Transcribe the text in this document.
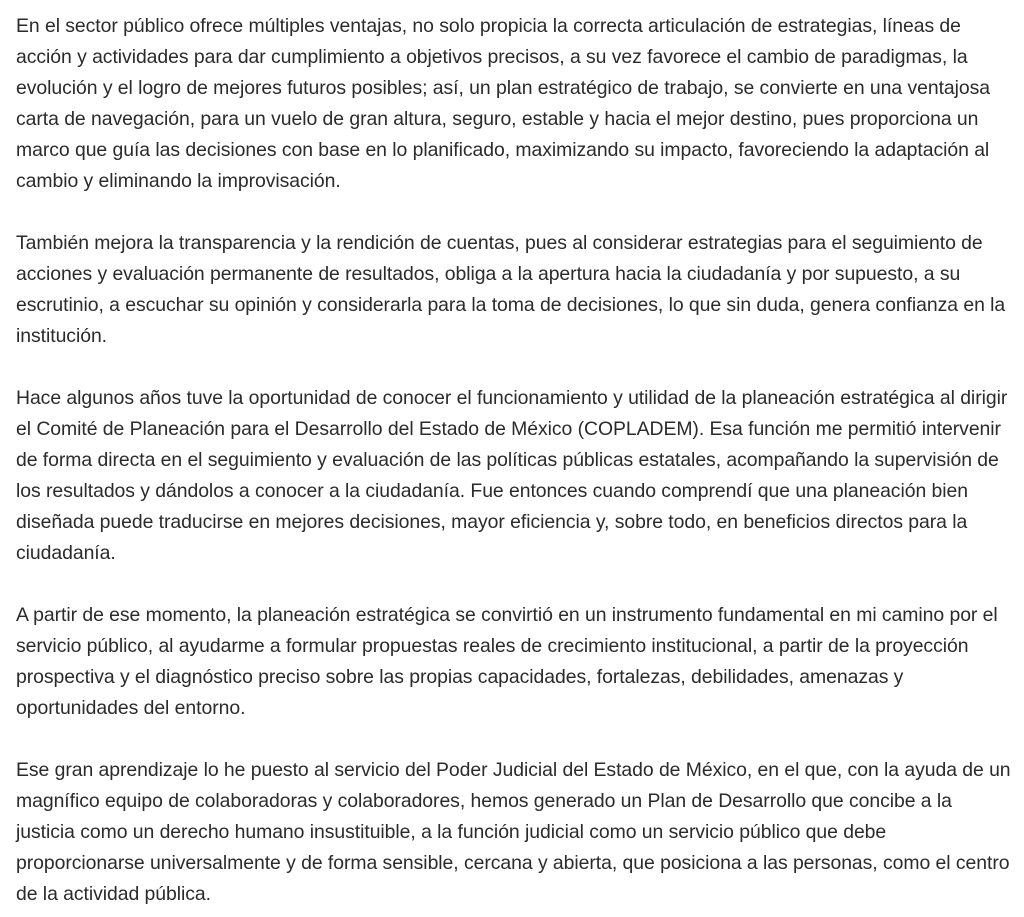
En el sector público ofrece múltiples ventajas, no solo propicia la correcta articulación de estrategias, líneas de acción y actividades para dar cumplimiento a objetivos precisos, a su vez favorece el cambio de paradigmas, la evolución y el logro de mejores futuros posibles; así, un plan estratégico de trabajo, se convierte en una ventajosa carta de navegación, para un vuelo de gran altura, seguro, estable y hacia el mejor destino, pues proporciona un marco que guía las decisiones con base en lo planificado, maximizando su impacto, favoreciendo la adaptación al cambio y eliminando la improvisación.

También mejora la transparencia y la rendición de cuentas, pues al considerar estrategias para el seguimiento de acciones y evaluación permanente de resultados, obliga a la apertura hacia la ciudadanía y por supuesto, a su escrutinio, a escuchar su opinión y considerarla para la toma de decisiones, lo que sin duda, genera confianza en la institución.

Hace algunos años tuve la oportunidad de conocer el funcionamiento y utilidad de la planeación estratégica al dirigir el Comité de Planeación para el Desarrollo del Estado de México (COPLADEM). Esa función me permitió intervenir de forma directa en el seguimiento y evaluación de las políticas públicas estatales, acompañando la supervisión de los resultados y dándolos a conocer a la ciudadanía. Fue entonces cuando comprendí que una planeación bien diseñada puede traducirse en mejores decisiones, mayor eficiencia y, sobre todo, en beneficios directos para la ciudadanía.

A partir de ese momento, la planeación estratégica se convirtió en un instrumento fundamental en mi camino por el servicio público, al ayudarme a formular propuestas reales de crecimiento institucional, a partir de la proyección prospectiva y el diagnóstico preciso sobre las propias capacidades, fortalezas, debilidades, amenazas y oportunidades del entorno.

Ese gran aprendizaje lo he puesto al servicio del Poder Judicial del Estado de México, en el que, con la ayuda de un magnífico equipo de colaboradoras y colaboradores, hemos generado un Plan de Desarrollo que concibe a la justicia como un derecho humano insustituible, a la función judicial como un servicio público que debe proporcionarse universalmente y de forma sensible, cercana y abierta, que posiciona a las personas, como el centro de la actividad pública.
